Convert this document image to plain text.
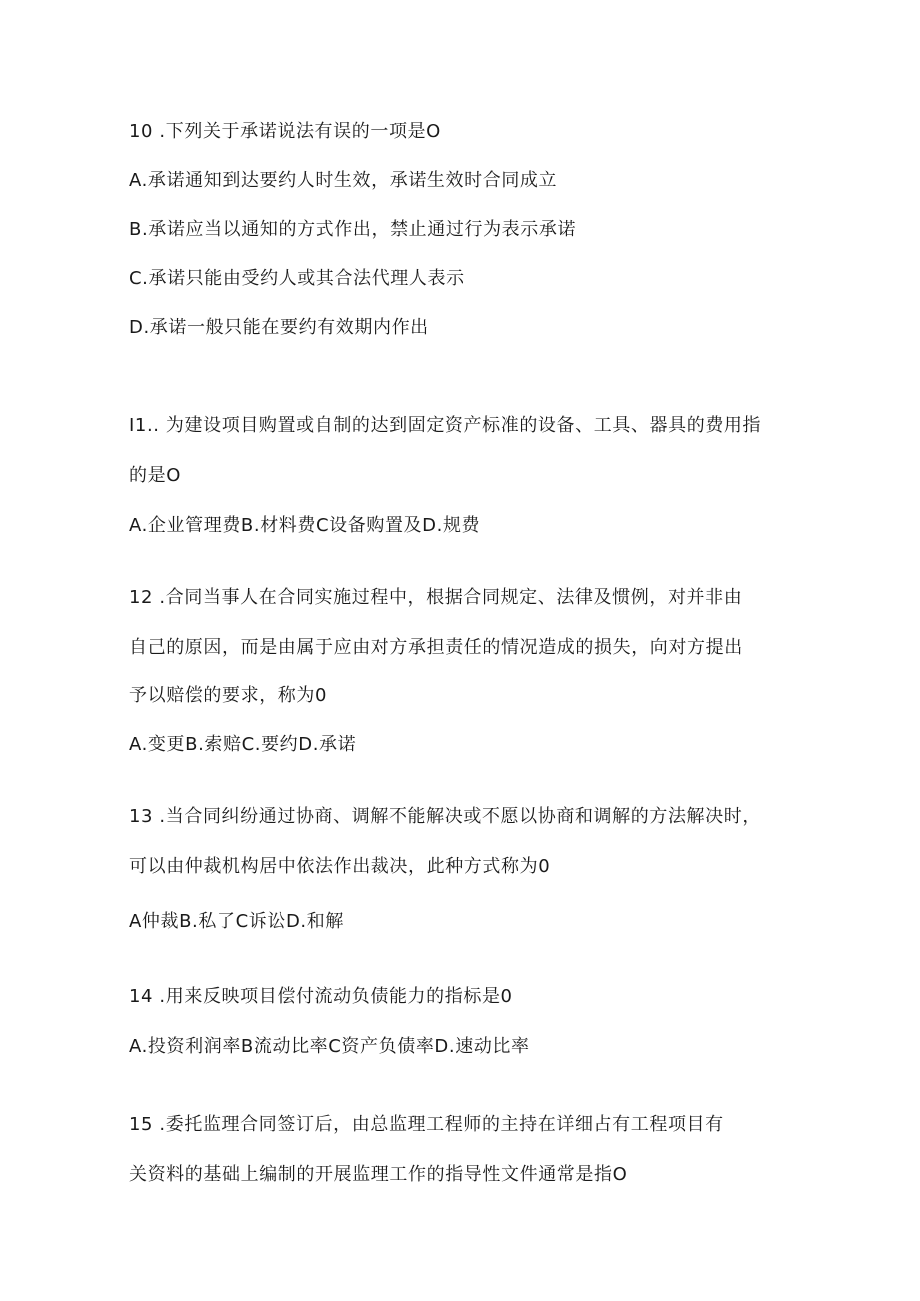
10 .下列关于承诺说法有误的一项是O
A.承诺通知到达要约人时生效，承诺生效时合同成立
B.承诺应当以通知的方式作出，禁止通过行为表示承诺
C.承诺只能由受约人或其合法代理人表示
D.承诺一般只能在要约有效期内作出
I1.. 为建设项目购置或自制的达到固定资产标准的设备、工具、器具的费用指
的是O
A.企业管理费B.材料费C设备购置及D.规费
12 .合同当事人在合同实施过程中，根据合同规定、法律及惯例，对并非由
自己的原因，而是由属于应由对方承担责任的情况造成的损失，向对方提出
予以赔偿的要求，称为0
A.变更B.索赔C.要约D.承诺
13 .当合同纠纷通过协商、调解不能解决或不愿以协商和调解的方法解决时，
可以由仲裁机构居中依法作出裁决，此种方式称为0
A仲裁B.私了C诉讼D.和解
14 .用来反映项目偿付流动负债能力的指标是0
A.投资利润率B流动比率C资产负债率D.速动比率
15 .委托监理合同签订后，由总监理工程师的主持在详细占有工程项目有
关资料的基础上编制的开展监理工作的指导性文件通常是指O
